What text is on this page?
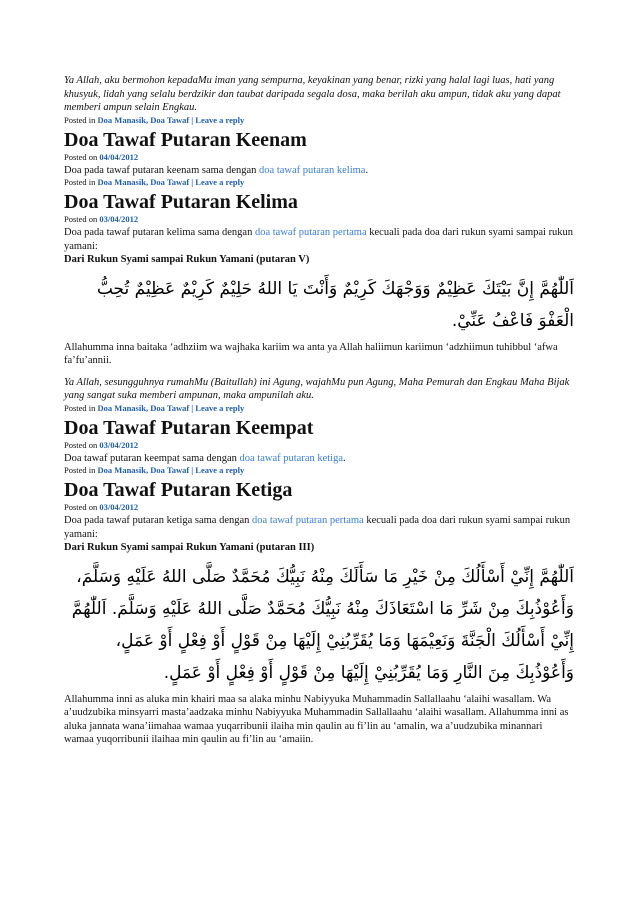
Ya Allah, aku bermohon kepadaMu iman yang sempurna, keyakinan yang benar, rizki yang halal lagi luas, hati yang khusyuk, lidah yang selalu berdzikir dan taubat daripada segala dosa, maka berilah aku ampun, tidak aku yang dapat memberi ampun selain Engkau.

Posted in Doa Manasik, Doa Tawaf | Leave a reply

Doa Tawaf Putaran Keenam

Posted on 04/04/2012

Doa pada tawaf putaran keenam sama dengan doa tawaf putaran kelima.

Posted in Doa Manasik, Doa Tawaf | Leave a reply

Doa Tawaf Putaran Kelima

Posted on 03/04/2012

Doa pada tawaf putaran kelima sama dengan doa tawaf putaran pertama kecuali pada doa dari rukun syami sampai rukun yamani:

Dari Rukun Syami sampai Rukun Yamani (putaran V)

اَللّٰهُمَّ إِنَّ بَيْتَكَ عَظِيْمٌ وَوَجْهَكَ كَرِيْمٌ وَأَنْتَ يَا اللهُ حَلِيْمٌ كَرِيْمٌ عَظِيْمٌ تُحِبُّ الْعَفْوَ فَاعْفُ عَنِّيْ.

Allahumma inna baitaka ‘adhziim wa wajhaka kariim wa anta ya Allah haliimun kariimun ‘adzhiimun tuhibbul ‘afwa fa’fu’annii.

Ya Allah, sesungguhnya rumahMu (Baitullah) ini Agung, wajahMu pun Agung, Maha Pemurah dan Engkau Maha Bijak yang sangat suka memberi ampunan, maka ampunilah aku.

Posted in Doa Manasik, Doa Tawaf | Leave a reply

Doa Tawaf Putaran Keempat

Posted on 03/04/2012

Doa tawaf putaran keempat sama dengan doa tawaf putaran ketiga.

Posted in Doa Manasik, Doa Tawaf | Leave a reply

Doa Tawaf Putaran Ketiga

Posted on 03/04/2012

Doa pada tawaf putaran ketiga sama dengan doa tawaf putaran pertama kecuali pada doa dari rukun syami sampai rukun yamani:

Dari Rukun Syami sampai Rukun Yamani (putaran III)

اَللّٰهُمَّ إِنِّيْ أَسْأَلُكَ مِنْ خَيْرِ مَا سَأَلَكَ مِنْهُ نَبِيُّكَ مُحَمَّدٌ صَلَّى اللهُ عَلَيْهِ وَسَلَّمَ، وَأَعُوْذُبِكَ مِنْ شَرِّ مَا اسْتَعَاذَكَ مِنْهُ نَبِيُّكَ مُحَمَّدٌ صَلَّى اللهُ عَلَيْهِ وَسَلَّمَ. اَللّٰهُمَّ إِنِّيْ أَسْأَلُكَ الْجَنَّةَ وَنَعِيْمَهَا وَمَا يُقَرِّبُنِيْ إِلَيْهَا مِنْ قَوْلٍ أَوْ فِعْلٍ أَوْ عَمَلٍ، وَأَعُوْذُبِكَ مِنَ النَّارِ وَمَا يُقَرِّبُنِيْ إِلَيْهَا مِنْ قَوْلٍ أَوْ فِعْلٍ أَوْ عَمَلٍ.

Allahumma inni as aluka min khairi maa sa alaka minhu Nabiyyuka Muhammadin Sallallaahu ‘alaihi wasallam. Wa a’uudzubika minsyarri masta’aadzaka minhu Nabiyyuka Muhammadin Sallallaahu ‘alaihi wasallam. Allahumma inni as aluka jannata wana’iimahaa wamaa yuqarribunii ilaiha min qaulin au fi’lin au ‘amalin, wa a’uudzubika minannari wamaa yuqorribunii ilaihaa min qaulin au fi’lin au ‘amaiin.
